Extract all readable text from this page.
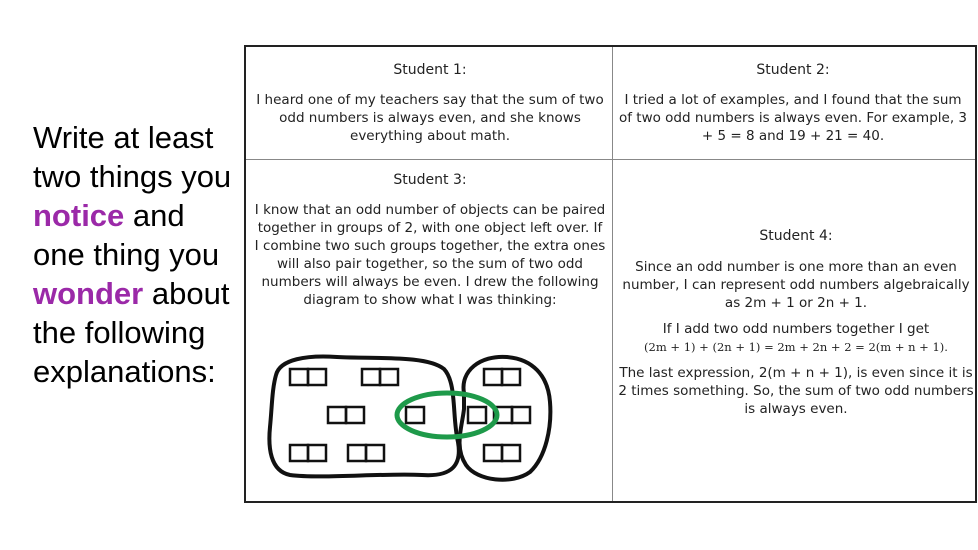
Write at least two things you notice and one thing you wonder about the following explanations:
Student 1:
I heard one of my teachers say that the sum of two odd numbers is always even, and she knows everything about math.
Student 2:
I tried a lot of examples, and I found that the sum of two odd numbers is always even. For example, 3 + 5 = 8 and 19 + 21 = 40.
Student 3:
I know that an odd number of objects can be paired together in groups of 2, with one object left over. If I combine two such groups together, the extra ones will also pair together, so the sum of two odd numbers will always be even. I drew the following diagram to show what I was thinking:
Student 4:
Since an odd number is one more than an even number, I can represent odd numbers algebraically as 2m + 1 or 2n + 1.
If I add two odd numbers together I get
(2m + 1) + (2n + 1) = 2m + 2n + 2 = 2(m + n + 1).
The last expression, 2(m + n + 1), is even since it is 2 times something. So, the sum of two odd numbers is always even.
